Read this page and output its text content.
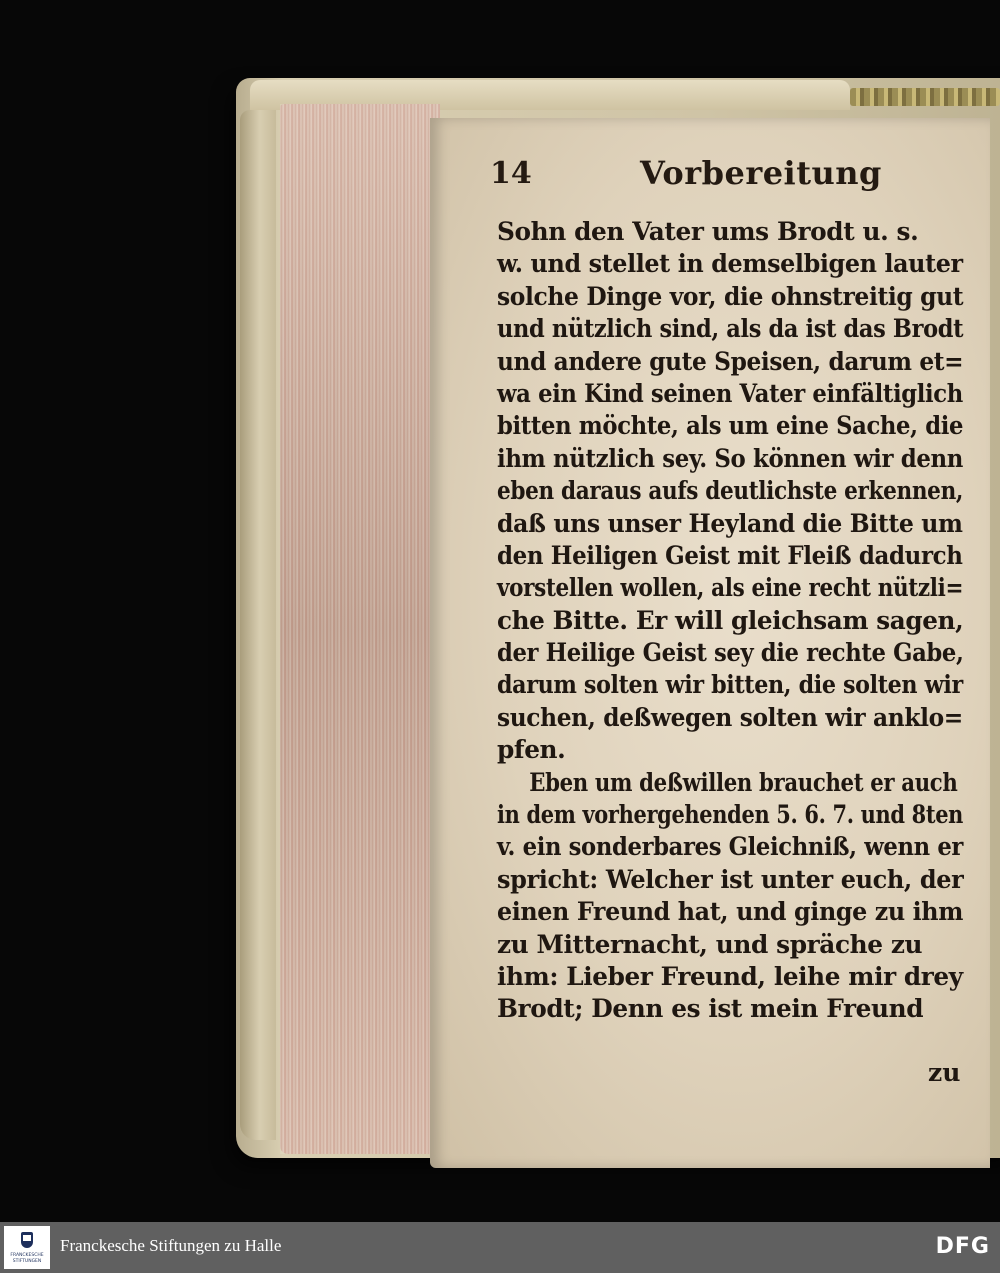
14	Vorbereitung
Sohn den Vater ums Brodt u. s.
w. und stellet in demselbigen lauter
solche Dinge vor, die ohnstreitig gut
und nützlich sind, als da ist das Brodt
und andere gute Speisen, darum et=
wa ein Kind seinen Vater einfältiglich
bitten möchte, als um eine Sache, die
ihm nützlich sey. So können wir denn
eben daraus aufs deutlichste erkennen,
daß uns unser Heyland die Bitte um
den Heiligen Geist mit Fleiß dadurch
vorstellen wollen, als eine recht nützli=
che Bitte. Er will gleichsam sagen,
der Heilige Geist sey die rechte Gabe,
darum solten wir bitten, die solten wir
suchen, deßwegen solten wir anklo=
pfen.
Eben um deßwillen brauchet er auch
in dem vorhergehenden 5. 6. 7. und 8ten
v. ein sonderbares Gleichniß, wenn er
spricht: Welcher ist unter euch, der
einen Freund hat, und ginge zu ihm
zu Mitternacht, und spräche zu
ihm: Lieber Freund, leihe mir drey
Brodt; Denn es ist mein Freund
zu
FRANCKESCHE
STIFTUNGEN
Franckesche Stiftungen zu Halle	DFG
